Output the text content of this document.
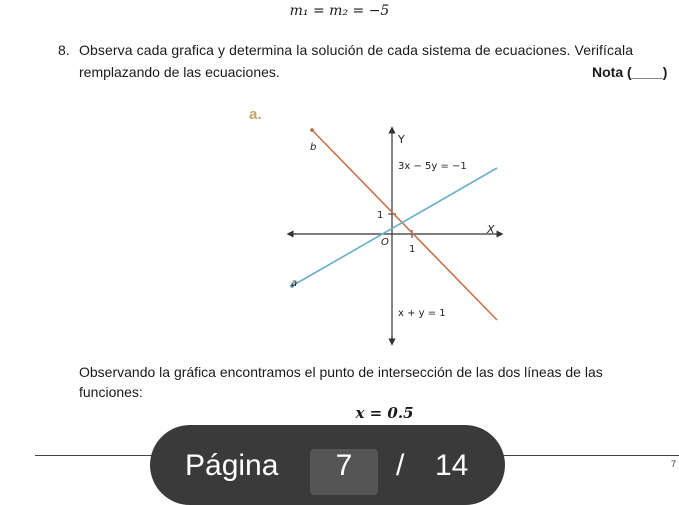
m₁ = m₂ = −5
8. Observa cada grafica y determina la solución de cada sistema de ecuaciones. Verifícala
remplazando de las ecuaciones.	Nota (____)
a.
Y
X
O
1
1
a
b
3x − 5y = −1
x + y = 1
Observando la gráfica encontramos el punto de intersección de las dos líneas de las
funciones:
x = 0.5
7
Página	7	/ 14
